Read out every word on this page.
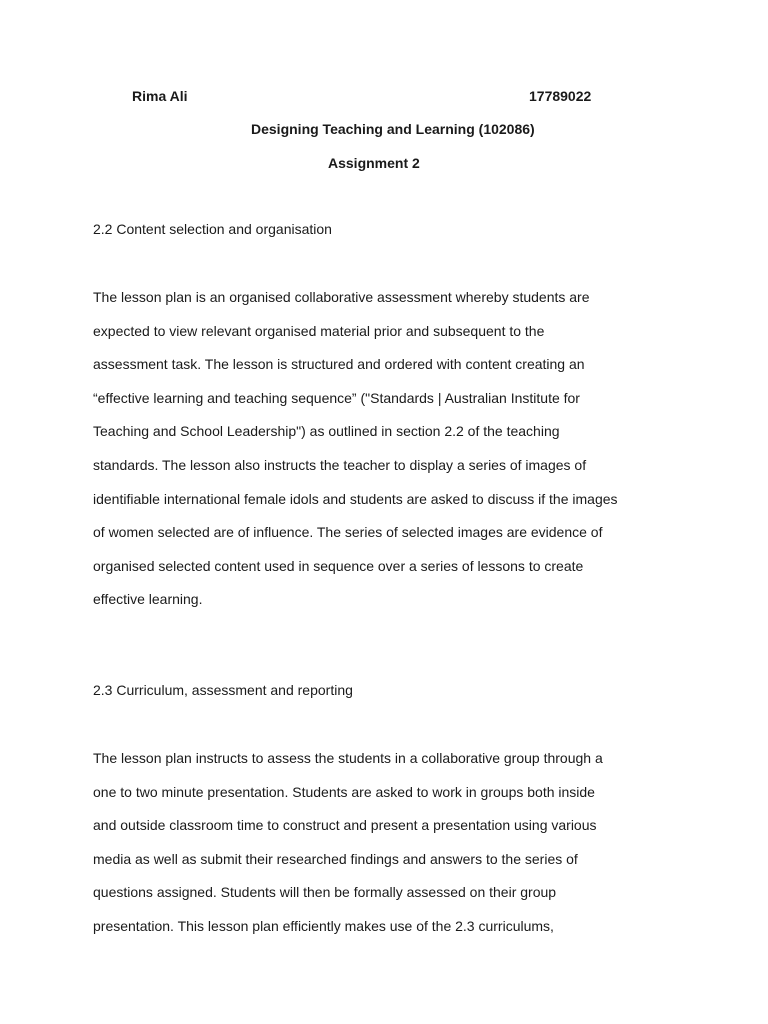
Rima Ali	17789022
Designing Teaching and Learning (102086)
Assignment 2
2.2 Content selection and organisation
The lesson plan is an organised collaborative assessment whereby students are
expected to view relevant organised material prior and subsequent to the
assessment task. The lesson is structured and ordered with content creating an
“effective learning and teaching sequence” ("Standards | Australian Institute for
Teaching and School Leadership") as outlined in section 2.2 of the teaching
standards. The lesson also instructs the teacher to display a series of images of
identifiable international female idols and students are asked to discuss if the images
of women selected are of influence. The series of selected images are evidence of
organised selected content used in sequence over a series of lessons to create
effective learning.
2.3 Curriculum, assessment and reporting
The lesson plan instructs to assess the students in a collaborative group through a
one to two minute presentation. Students are asked to work in groups both inside
and outside classroom time to construct and present a presentation using various
media as well as submit their researched findings and answers to the series of
questions assigned. Students will then be formally assessed on their group
presentation. This lesson plan efficiently makes use of the 2.3 curriculums,
